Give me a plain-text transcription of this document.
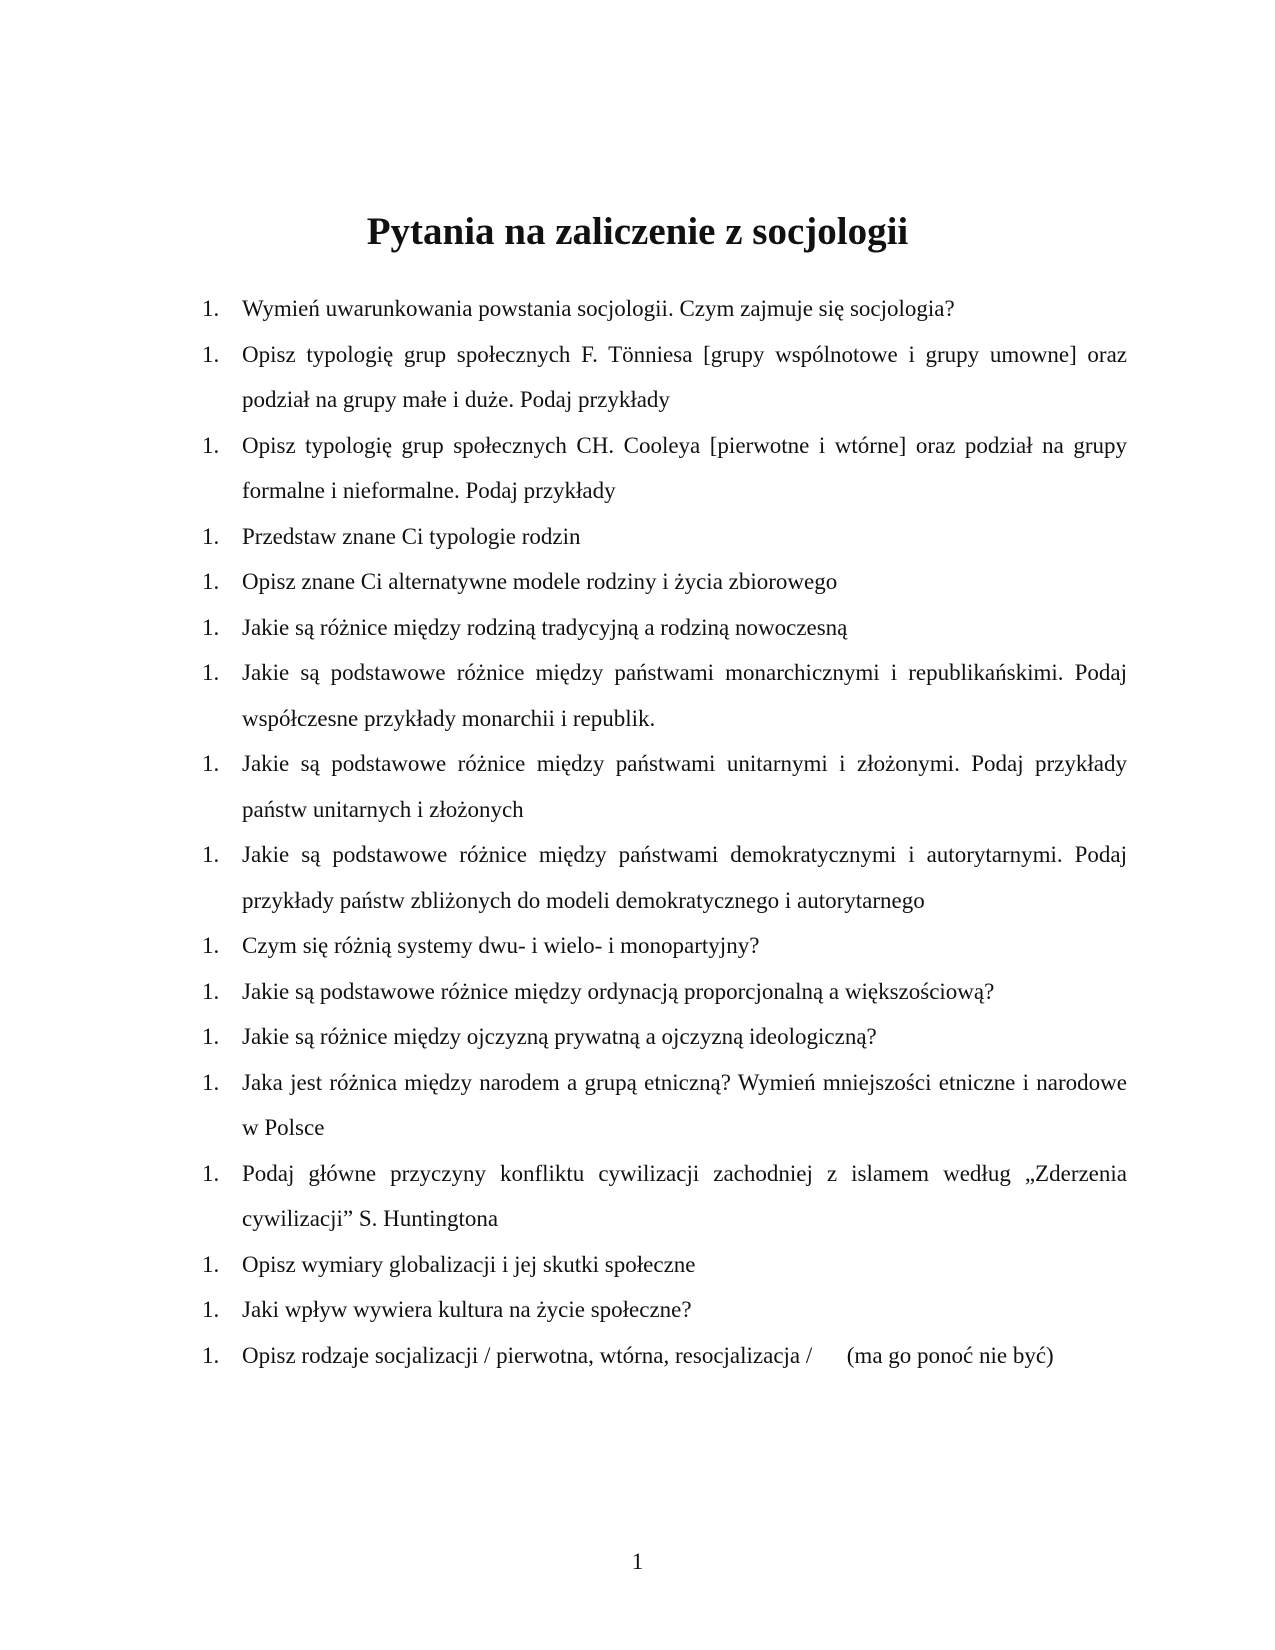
Pytania na zaliczenie z socjologii
1. Wymień uwarunkowania powstania socjologii. Czym zajmuje się socjologia?
1. Opisz typologię grup społecznych F. Tönniesa [grupy wspólnotowe i grupy umowne] oraz podział na grupy małe i duże. Podaj przykłady
1. Opisz typologię grup społecznych CH. Cooleya [pierwotne i wtórne] oraz podział na grupy formalne i nieformalne. Podaj przykłady
1. Przedstaw znane Ci typologie rodzin
1. Opisz znane Ci alternatywne modele rodziny i życia zbiorowego
1. Jakie są różnice między rodziną tradycyjną a rodziną nowoczesną
1. Jakie są podstawowe różnice między państwami monarchicznymi i republikańskimi. Podaj współczesne przykłady monarchii i republik.
1. Jakie są podstawowe różnice między państwami unitarnymi i złożonymi. Podaj przykłady państw unitarnych i złożonych
1. Jakie są podstawowe różnice między państwami demokratycznymi i autorytarnymi. Podaj przykłady państw zbliżonych do modeli demokratycznego i autorytarnego
1. Czym się różnią systemy dwu- i wielo- i monopartyjny?
1. Jakie są podstawowe różnice między ordynacją proporcjonalną a większościową?
1. Jakie są różnice między ojczyzną prywatną a ojczyzną ideologiczną?
1. Jaka jest różnica między narodem a grupą etniczną? Wymień mniejszości etniczne i narodowe w Polsce
1. Podaj główne przyczyny konfliktu cywilizacji zachodniej z islamem według „Zderzenia cywilizacji” S. Huntingtona
1. Opisz wymiary globalizacji i jej skutki społeczne
1. Jaki wpływ wywiera kultura na życie społeczne?
1. Opisz rodzaje socjalizacji / pierwotna, wtórna, resocjalizacja /      (ma go ponoć nie być)
1
